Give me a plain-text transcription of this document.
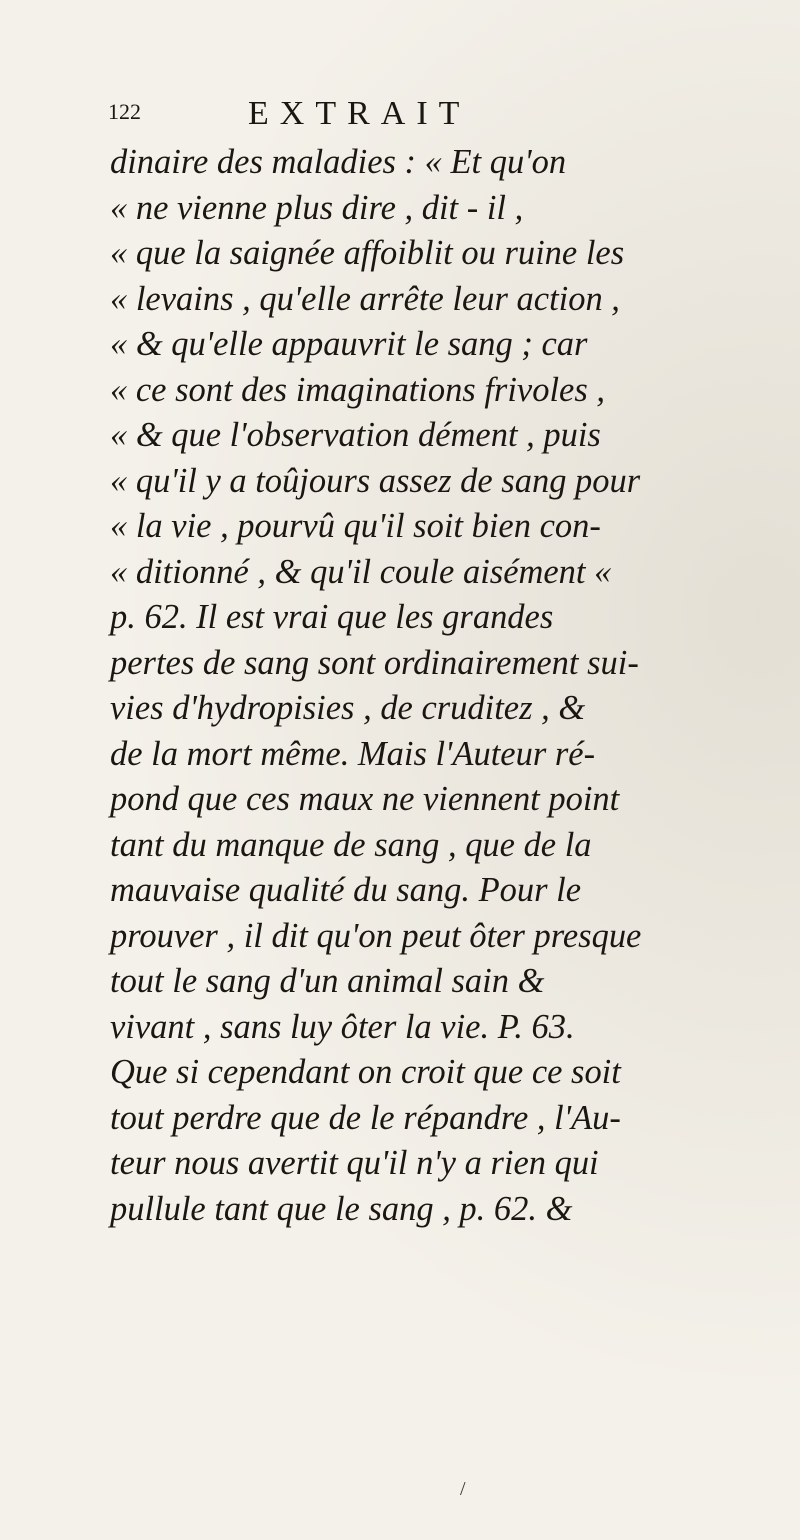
122	EXTRAIT
dinaire des maladies : « Et qu'on
« ne vienne plus dire , dit - il ,
« que la saignée affoiblit ou ruine les
« levains , qu'elle arrête leur action ,
« & qu'elle appauvrit le sang ; car
« ce sont des imaginations frivoles ,
« & que l'observation dément , puis
« qu'il y a toûjours assez de sang pour
« la vie , pourvû qu'il soit bien con-
« ditionné , & qu'il coule aisément «
p. 62. Il est vrai que les grandes
pertes de sang sont ordinairement sui-
vies d'hydropisies , de cruditez , &
de la mort même. Mais l'Auteur ré-
pond que ces maux ne viennent point
tant du manque de sang , que de la
mauvaise qualité du sang. Pour le
prouver , il dit qu'on peut ôter presque
tout le sang d'un animal sain &
vivant , sans luy ôter la vie. P. 63.
Que si cependant on croit que ce soit
tout perdre que de le répandre , l'Au-
teur nous avertit qu'il n'y a rien qui
pullule tant que le sang , p. 62. &
/
